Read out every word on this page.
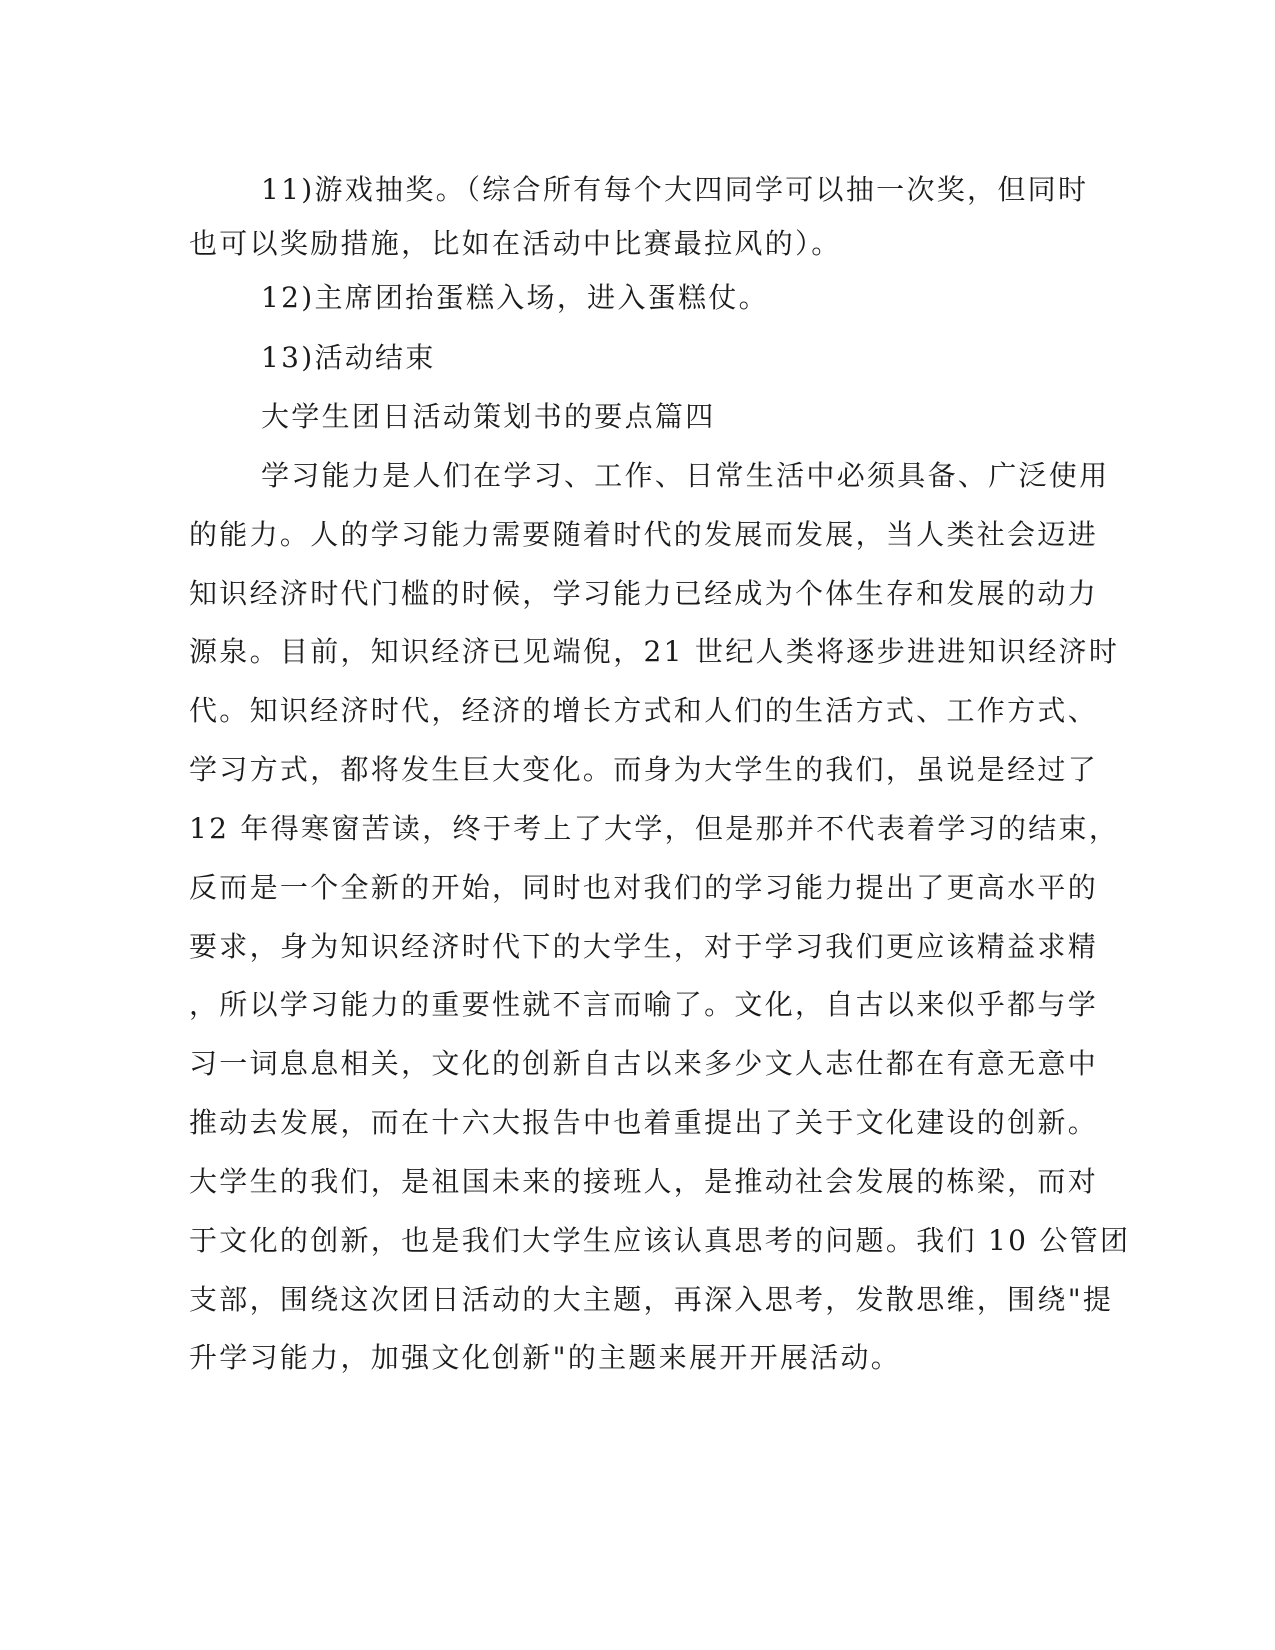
11)游戏抽奖。（综合所有每个大四同学可以抽一次奖，但同时
也可以奖励措施，比如在活动中比赛最拉风的）。
12)主席团抬蛋糕入场，进入蛋糕仗。
13)活动结束
大学生团日活动策划书的要点篇四
学习能力是人们在学习、工作、日常生活中必须具备、广泛使用
的能力。人的学习能力需要随着时代的发展而发展，当人类社会迈进
知识经济时代门槛的时候，学习能力已经成为个体生存和发展的动力
源泉。目前，知识经济已见端倪，21 世纪人类将逐步进进知识经济时
代。知识经济时代，经济的增长方式和人们的生活方式、工作方式、
学习方式，都将发生巨大变化。而身为大学生的我们，虽说是经过了
12 年得寒窗苦读，终于考上了大学，但是那并不代表着学习的结束，
反而是一个全新的开始，同时也对我们的学习能力提出了更高水平的
要求，身为知识经济时代下的大学生，对于学习我们更应该精益求精
，所以学习能力的重要性就不言而喻了。文化，自古以来似乎都与学
习一词息息相关，文化的创新自古以来多少文人志仕都在有意无意中
推动去发展，而在十六大报告中也着重提出了关于文化建设的创新。
大学生的我们，是祖国未来的接班人，是推动社会发展的栋梁，而对
于文化的创新，也是我们大学生应该认真思考的问题。我们 10 公管团
支部，围绕这次团日活动的大主题，再深入思考，发散思维，围绕"提
升学习能力，加强文化创新"的主题来展开开展活动。
